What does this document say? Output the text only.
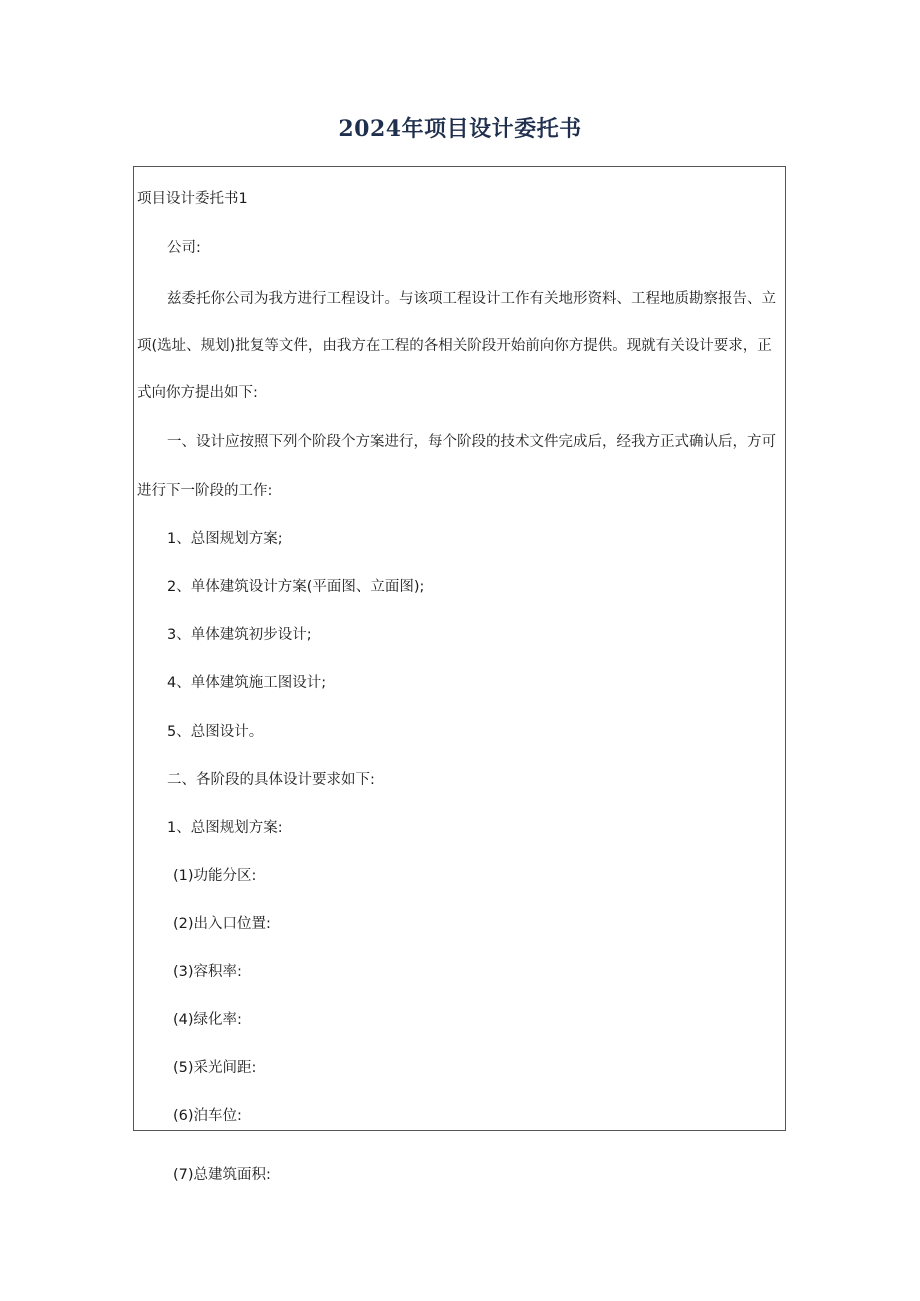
2024年项目设计委托书
项目设计委托书1
公司:
兹委托你公司为我方进行工程设计。与该项工程设计工作有关地形资料、工程地质勘察报告、立
项(选址、规划)批复等文件，由我方在工程的各相关阶段开始前向你方提供。现就有关设计要求，正
式向你方提出如下:
一、设计应按照下列个阶段个方案进行，每个阶段的技术文件完成后，经我方正式确认后，方可
进行下一阶段的工作:
1、总图规划方案;
2、单体建筑设计方案(平面图、立面图);
3、单体建筑初步设计;
4、单体建筑施工图设计;
5、总图设计。
二、各阶段的具体设计要求如下:
1、总图规划方案:
(1)功能分区:
(2)出入口位置:
(3)容积率:
(4)绿化率:
(5)采光间距:
(6)泊车位:
(7)总建筑面积:
